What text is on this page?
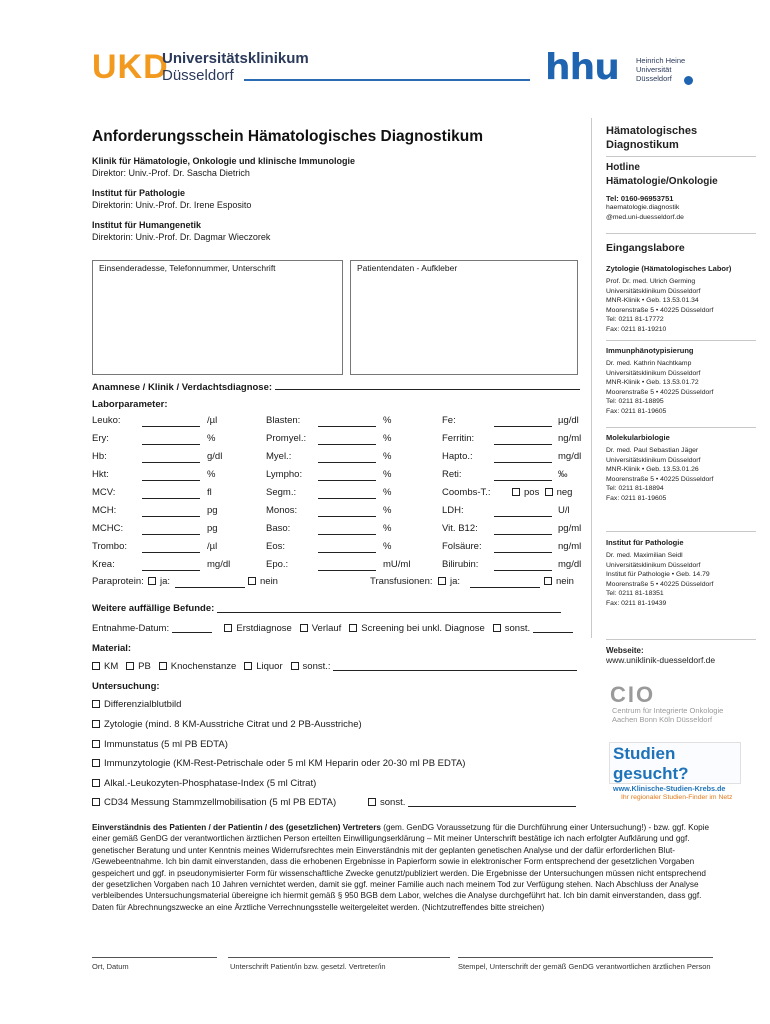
UKD
Universitätsklinikum
Düsseldorf	hhu Heinrich Heine
Universität
Düsseldorf
Anforderungsschein Hämatologisches Diagnostikum
Klinik für Hämatologie, Onkologie und klinische Immunologie
Direktor: Univ.-Prof. Dr. Sascha Dietrich
Institut für Pathologie
Direktorin: Univ.-Prof. Dr. Irene Esposito
Institut für Humangenetik
Direktorin: Univ.-Prof. Dr. Dagmar Wieczorek
Einsenderadesse, Telefonnummer, Unterschrift	Patientendaten - Aufkleber
Anamnese / Klinik / Verdachtsdiagnose:
Laborparameter:
Leuko:	/µl	Blasten:	%	Fe:	µg/dl
Ery:	%	Promyel.:	%	Ferritin:	ng/ml
Hb:	g/dl	Myel.:	%	Hapto.:	mg/dl
Hkt:	%	Lympho:	%	Reti:	‰
MCV:	fl	Segm.:	%	Coombs-T.:	pos neg
MCH:	pg	Monos:	%	LDH:	U/l
MCHC:	pg	Baso:	%	Vit. B12:	pg/ml
Trombo:	/µl	Eos:	%	Folsäure:	ng/ml
Krea:	mg/dl	Epo.:	mU/ml	Bilirubin:	mg/dl
Paraprotein:	ja:	nein	Transfusionen:	ja:	nein
Weitere auffällige Befunde:
Entnahme-Datum:	Erstdiagnose Verlauf Screening bei unkl. Diagnose sonst.
Material:
KM PB Knochenstanze Liquor sonst.:
Untersuchung:
Differenzialblutbild
Zytologie (mind. 8 KM-Ausstriche Citrat und 2 PB-Ausstriche)
Immunstatus (5 ml PB EDTA)
Immunzytologie (KM-Rest-Petrischale oder 5 ml KM Heparin oder 20-30 ml PB EDTA)
Alkal.-Leukozyten-Phosphatase-Index (5 ml Citrat)
CD34 Messung Stammzellmobilisation (5 ml PB EDTA)	sonst.
Einverständnis des Patienten / der Patientin / des (gesetzlichen) Vertreters (gem. GenDG Voraussetzung für die Durchführung einer Untersuchung!) - bzw. ggf. Kopie einer gemäß GenDG der verantwortlichen ärztlichen Person erteilten Einwilligungserklärung – Mit meiner Unterschrift bestätige ich nach erfolgter Aufklärung und ggf. genetischer Beratung und unter Kenntnis meines Widerrufsrechtes mein Einverständnis mit der geplanten genetischen Analyse und der dafür erforderlichen Blut- /Gewebeentnahme. Ich bin damit einverstanden, dass die erhobenen Ergebnisse in Papierform sowie in elektronischer Form entsprechend der gesetzlichen Vorgaben gespeichert und ggf. in pseudonymisierter Form für wissenschaftliche Zwecke genutzt/publiziert werden. Die Ergebnisse der Untersuchungen müssen nicht entsprechend der gesetzlichen Vorgaben nach 10 Jahren vernichtet werden, damit sie ggf. meiner Familie auch nach meinem Tod zur Verfügung stehen. Nach Abschluss der Analyse verbleibendes Untersuchungsmaterial übereigne ich hiermit gemäß § 950 BGB dem Labor, welches die Analyse durchgeführt hat. Ich bin damit einverstanden, dass ggf. Daten für Abrechnungszwecke an eine Ärztliche Verrechnungsstelle weitergeleitet werden. (Nichtzutreffendes bitte streichen)
Ort, Datum	Unterschrift Patient/in bzw. gesetzl. Vertreter/in	Stempel, Unterschrift der gemäß GenDG verantwortlichen ärztlichen Person
Hämatologisches
Diagnostikum
Hotline
Hämatologie/Onkologie
Tel: 0160-96953751
haematologie.diagnostik
@med.uni-duesseldorf.de
Eingangslabore
Zytologie (Hämatologisches Labor)
Prof. Dr. med. Ulrich Germing
Universitätsklinikum Düsseldorf
MNR-Klinik • Geb. 13.53.01.34
Moorenstraße 5 • 40225 Düsseldorf
Tel: 0211 81-17772
Fax: 0211 81-19210
Immunphänotypisierung
Dr. med. Kathrin Nachtkamp
Universitätsklinikum Düsseldorf
MNR-Klinik • Geb. 13.53.01.72
Moorenstraße 5 • 40225 Düsseldorf
Tel: 0211 81-18895
Fax: 0211 81-19605
Molekularbiologie
Dr. med. Paul Sebastian Jäger
Universitätsklinikum Düsseldorf
MNR-Klinik • Geb. 13.53.01.26
Moorenstraße 5 • 40225 Düsseldorf
Tel: 0211 81-18894
Fax: 0211 81-19605
Institut für Pathologie
Dr. med. Maximilian Seidl
Universitätsklinikum Düsseldorf
Institut für Pathologie • Geb. 14.79
Moorenstraße 5 • 40225 Düsseldorf
Tel: 0211 81-18351
Fax: 0211 81-19439
Webseite:
www.uniklinik-duesseldorf.de
CIO
Centrum für Integrierte Onkologie
Aachen Bonn Köln Düsseldorf
Studien gesucht?
www.Klinische-Studien-Krebs.de
Ihr regionaler Studien-Finder im Netz
